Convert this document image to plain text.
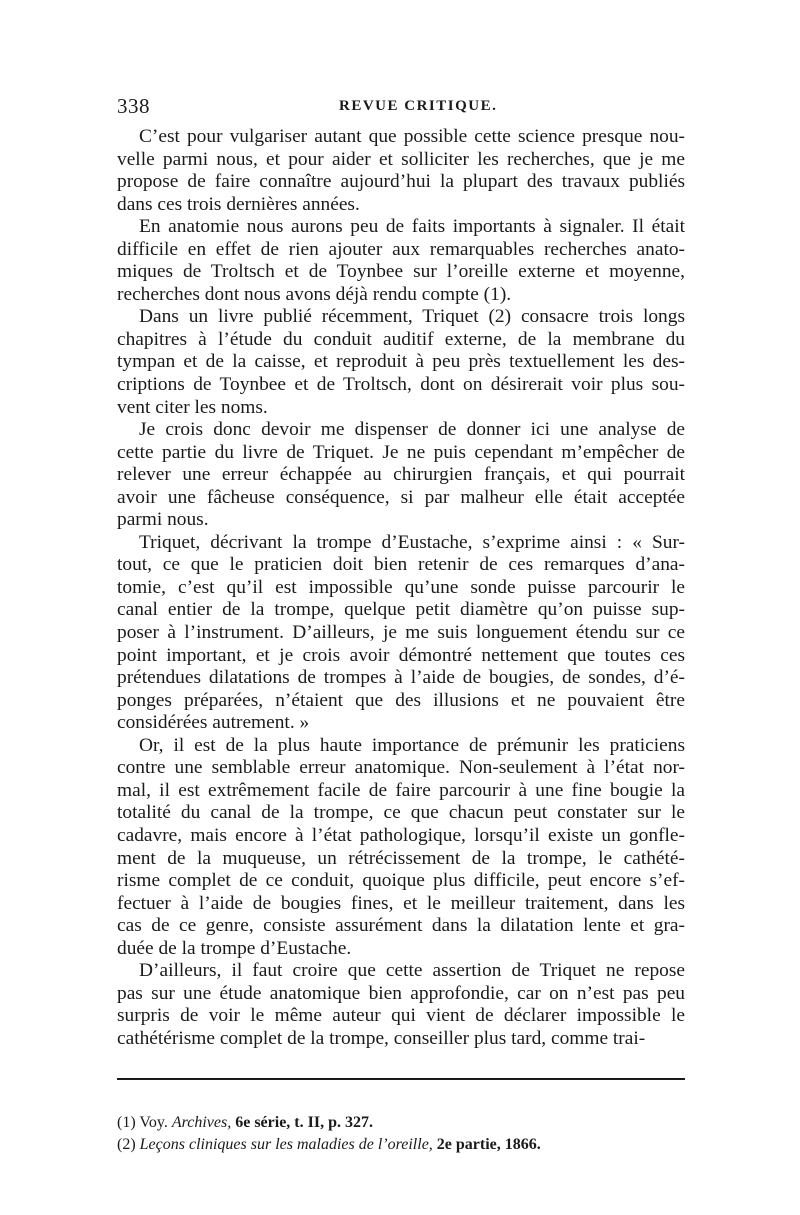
338	REVUE CRITIQUE.
C’est pour vulgariser autant que possible cette science presque nou-
velle parmi nous, et pour aider et solliciter les recherches, que je me
propose de faire connaître aujourd’hui la plupart des travaux publiés
dans ces trois dernières années.
En anatomie nous aurons peu de faits importants à signaler. Il était
difficile en effet de rien ajouter aux remarquables recherches anato-
miques de Troltsch et de Toynbee sur l’oreille externe et moyenne,
recherches dont nous avons déjà rendu compte (1).
Dans un livre publié récemment, Triquet (2) consacre trois longs
chapitres à l’étude du conduit auditif externe, de la membrane du
tympan et de la caisse, et reproduit à peu près textuellement les des-
criptions de Toynbee et de Troltsch, dont on désirerait voir plus sou-
vent citer les noms.
Je crois donc devoir me dispenser de donner ici une analyse de
cette partie du livre de Triquet. Je ne puis cependant m’empêcher de
relever une erreur échappée au chirurgien français, et qui pourrait
avoir une fâcheuse conséquence, si par malheur elle était acceptée
parmi nous.
Triquet, décrivant la trompe d’Eustache, s’exprime ainsi : « Sur-
tout, ce que le praticien doit bien retenir de ces remarques d’ana-
tomie, c’est qu’il est impossible qu’une sonde puisse parcourir le
canal entier de la trompe, quelque petit diamètre qu’on puisse sup-
poser à l’instrument. D’ailleurs, je me suis longuement étendu sur ce
point important, et je crois avoir démontré nettement que toutes ces
prétendues dilatations de trompes à l’aide de bougies, de sondes, d’é-
ponges préparées, n’étaient que des illusions et ne pouvaient être
considérées autrement. »
Or, il est de la plus haute importance de prémunir les praticiens
contre une semblable erreur anatomique. Non-seulement à l’état nor-
mal, il est extrêmement facile de faire parcourir à une fine bougie la
totalité du canal de la trompe, ce que chacun peut constater sur le
cadavre, mais encore à l’état pathologique, lorsqu’il existe un gonfle-
ment de la muqueuse, un rétrécissement de la trompe, le cathété-
risme complet de ce conduit, quoique plus difficile, peut encore s’ef-
fectuer à l’aide de bougies fines, et le meilleur traitement, dans les
cas de ce genre, consiste assurément dans la dilatation lente et gra-
duée de la trompe d’Eustache.
D’ailleurs, il faut croire que cette assertion de Triquet ne repose
pas sur une étude anatomique bien approfondie, car on n’est pas peu
surpris de voir le même auteur qui vient de déclarer impossible le
cathétérisme complet de la trompe, conseiller plus tard, comme trai-
(1) Voy. Archives, 6e série, t. II, p. 327.
(2) Leçons cliniques sur les maladies de l’oreille, 2e partie, 1866.
